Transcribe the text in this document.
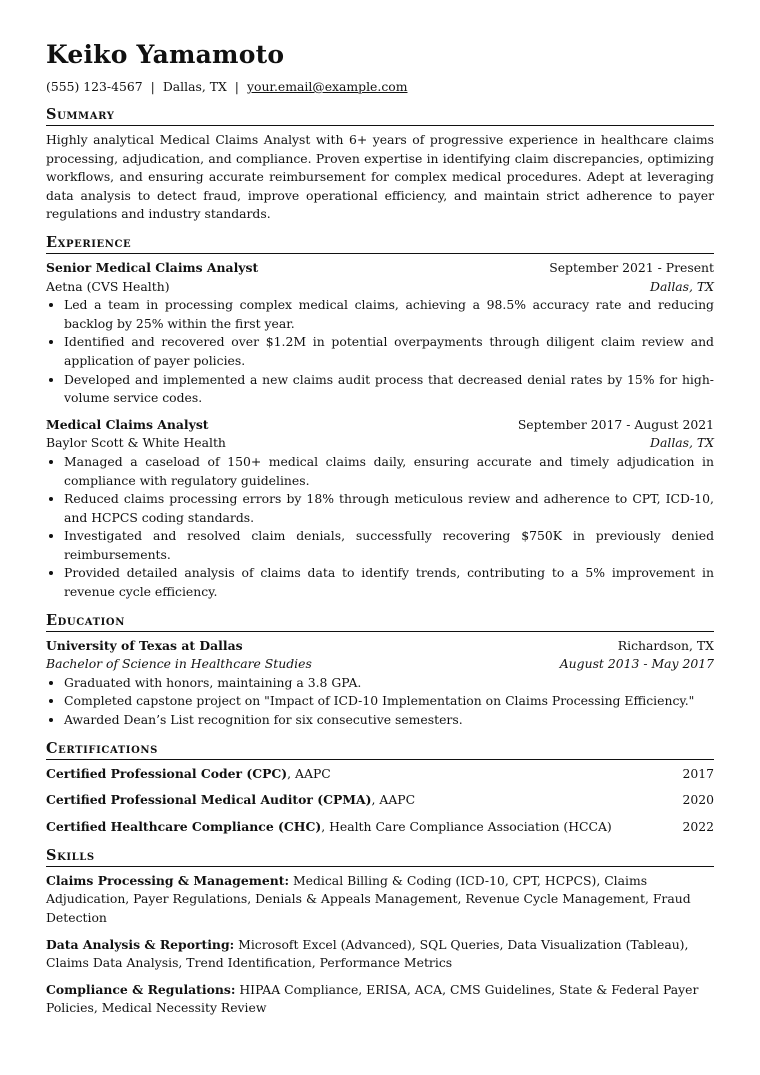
Keiko Yamamoto
(555) 123-4567 | Dallas, TX | your.email@example.com
Summary

Highly analytical Medical Claims Analyst with 6+ years of progressive experience in healthcare claims processing, adjudication, and compliance. Proven expertise in identifying claim discrepancies, optimizing workflows, and ensuring accurate reimbursement for complex medical procedures. Adept at leveraging data analysis to detect fraud, improve operational efficiency, and maintain strict adherence to payer regulations and industry standards.

Experience
Senior Medical Claims Analyst	September 2021 - Present
Aetna (CVS Health)	Dallas, TX
• Led a team in processing complex medical claims, achieving a 98.5% accuracy rate and reducing backlog by 25% within the first year.
• Identified and recovered over $1.2M in potential overpayments through diligent claim review and application of payer policies.
• Developed and implemented a new claims audit process that decreased denial rates by 15% for high-volume service codes.
Medical Claims Analyst	September 2017 - August 2021
Baylor Scott & White Health	Dallas, TX
• Managed a caseload of 150+ medical claims daily, ensuring accurate and timely adjudication in compliance with regulatory guidelines.
• Reduced claims processing errors by 18% through meticulous review and adherence to CPT, ICD-10, and HCPCS coding standards.
• Investigated and resolved claim denials, successfully recovering $750K in previously denied reimbursements.
• Provided detailed analysis of claims data to identify trends, contributing to a 5% improvement in revenue cycle efficiency.
Education
University of Texas at Dallas	Richardson, TX
Bachelor of Science in Healthcare Studies	August 2013 - May 2017
• Graduated with honors, maintaining a 3.8 GPA.
• Completed capstone project on "Impact of ICD-10 Implementation on Claims Processing Efficiency."
• Awarded Dean’s List recognition for six consecutive semesters.
Certifications
Certified Professional Coder (CPC), AAPC	2017
Certified Professional Medical Auditor (CPMA), AAPC	2020
Certified Healthcare Compliance (CHC), Health Care Compliance Association (HCCA)	2022
Skills
Claims Processing & Management: Medical Billing & Coding (ICD-10, CPT, HCPCS), Claims Adjudication, Payer Regulations, Denials & Appeals Management, Revenue Cycle Management, Fraud Detection
Data Analysis & Reporting: Microsoft Excel (Advanced), SQL Queries, Data Visualization (Tableau), Claims Data Analysis, Trend Identification, Performance Metrics
Compliance & Regulations: HIPAA Compliance, ERISA, ACA, CMS Guidelines, State & Federal Payer Policies, Medical Necessity Review
